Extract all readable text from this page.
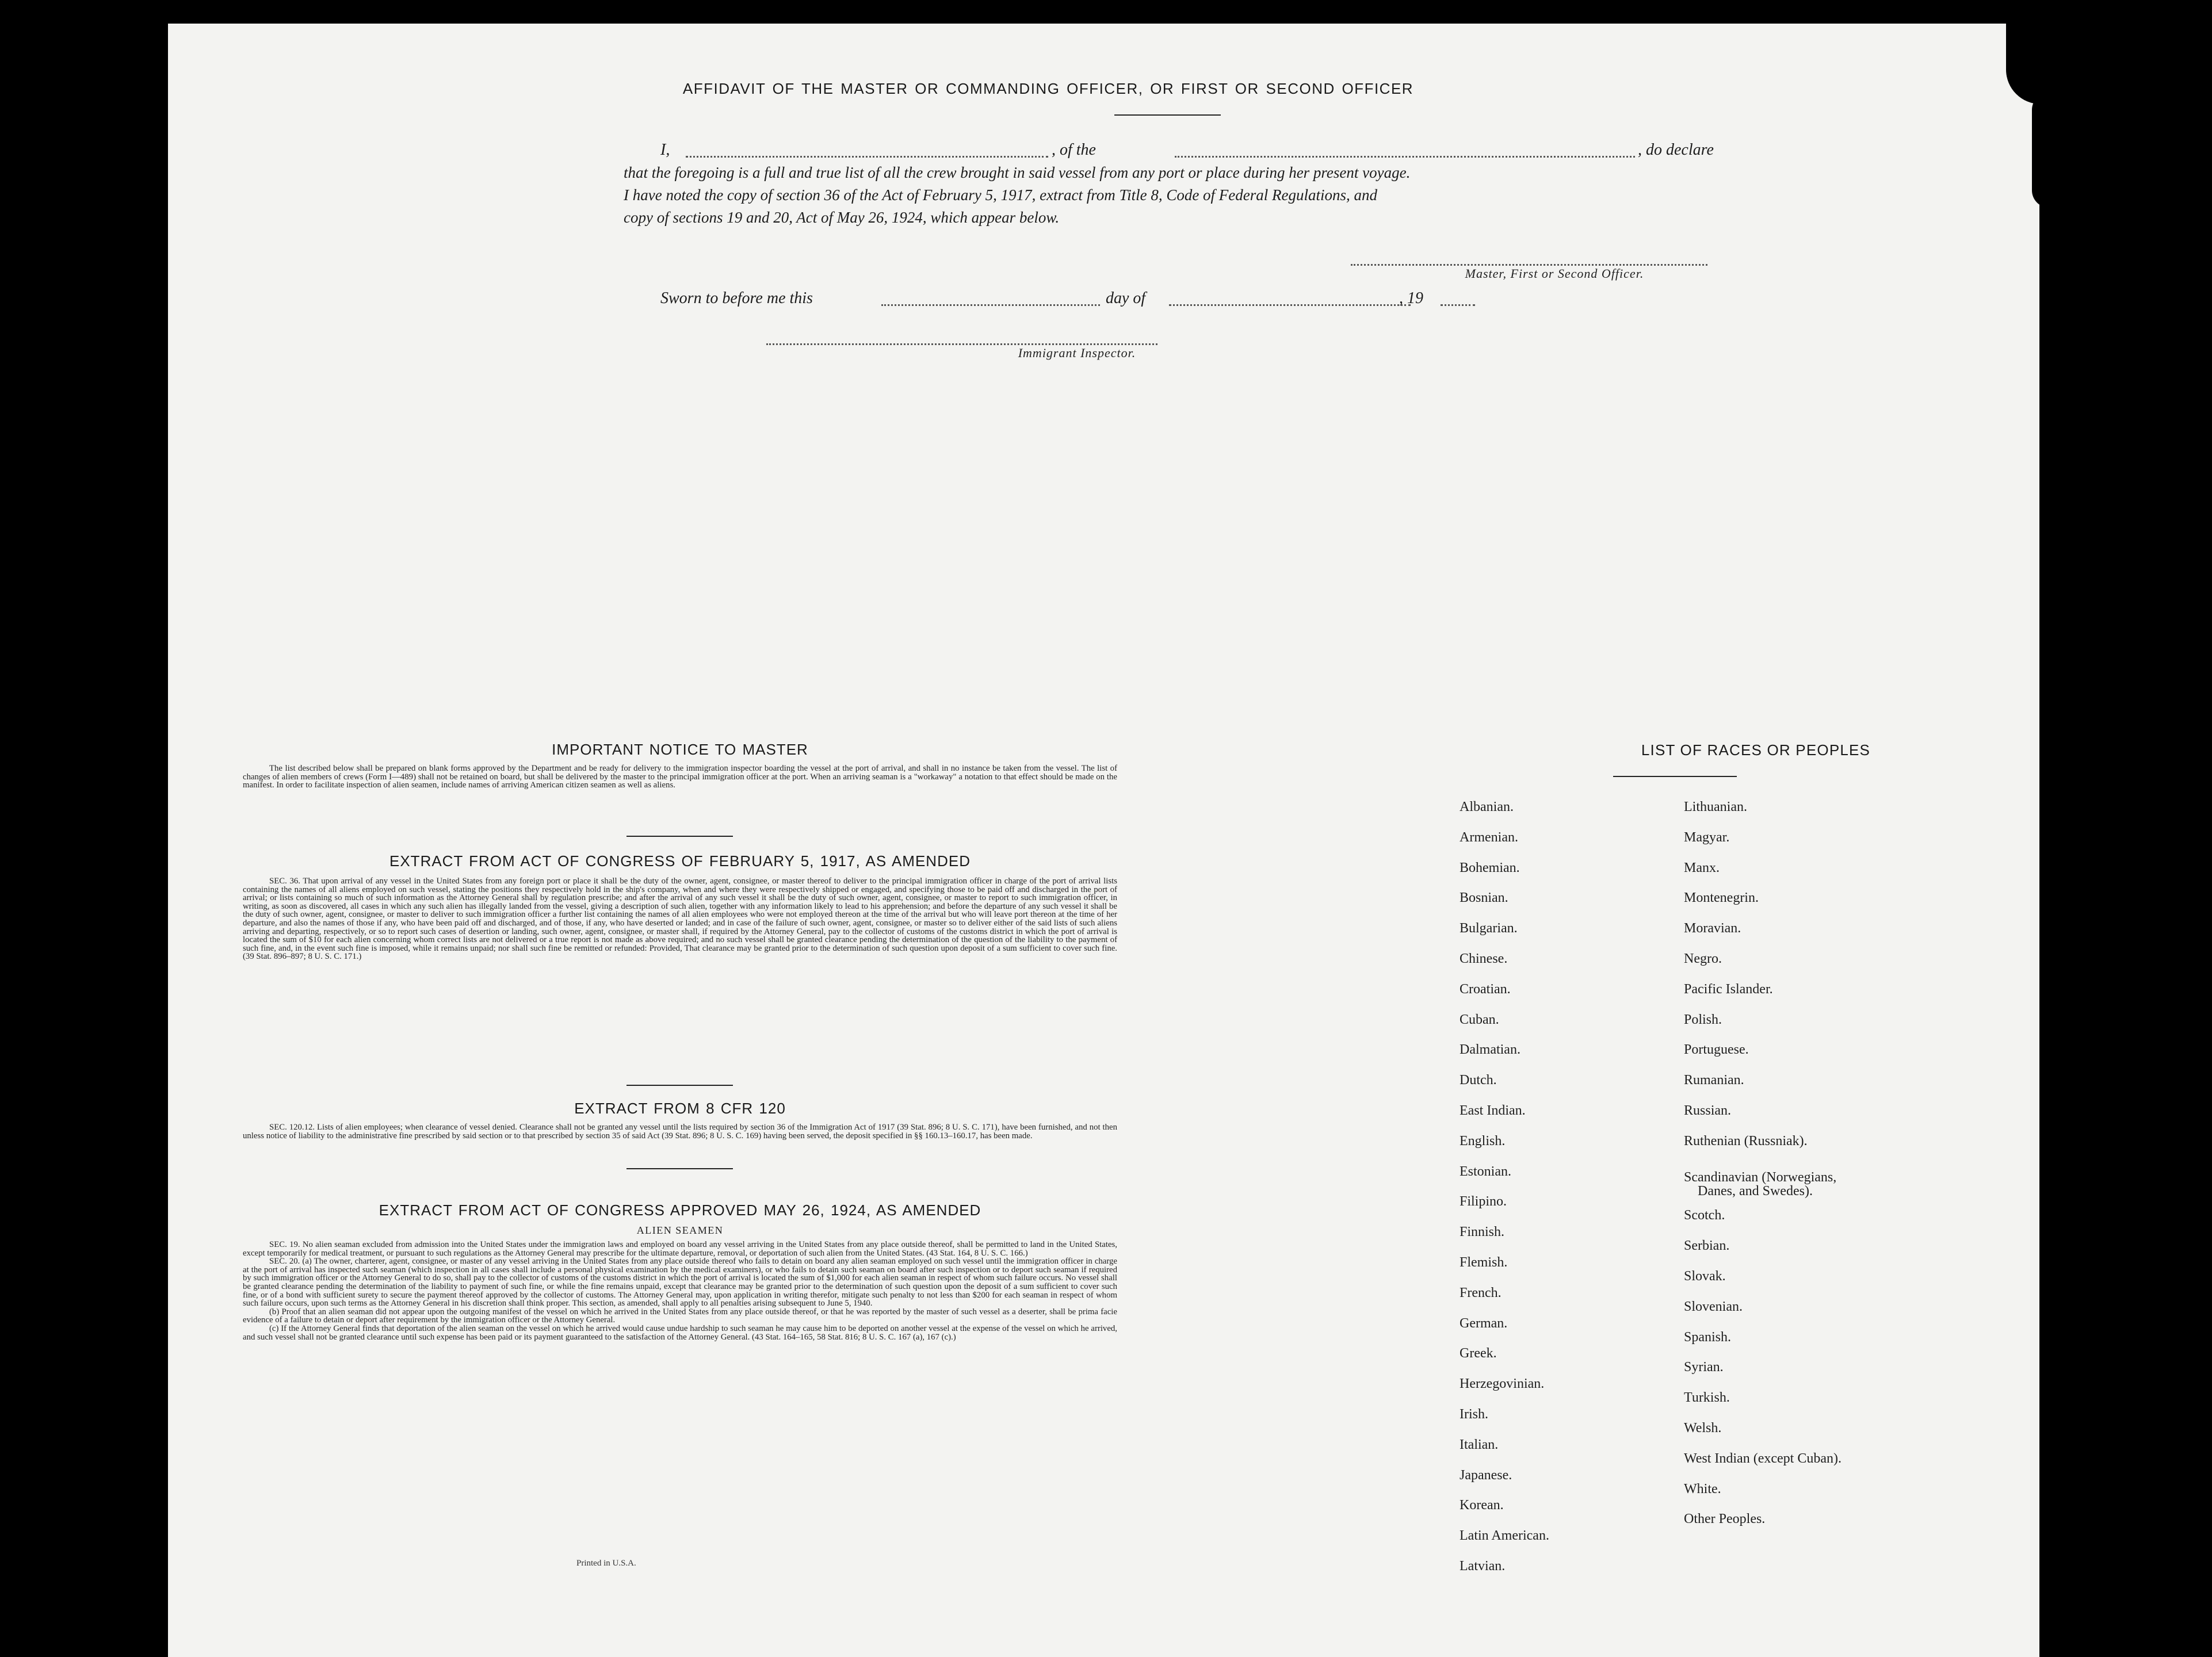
AFFIDAVIT OF THE MASTER OR COMMANDING OFFICER, OR FIRST OR SECOND OFFICER
I,	, of the	, do declare
that the foregoing is a full and true list of all the crew brought in said vessel from any port or place during her present voyage.
I have noted the copy of section 36 of the Act of February 5, 1917, extract from Title 8, Code of Federal Regulations, and
copy of sections 19 and 20, Act of May 26, 1924, which appear below.
Master, First or Second Officer.
Sworn to before me this	day of	, 19
Immigrant Inspector.
IMPORTANT NOTICE TO MASTER

The list described below shall be prepared on blank forms approved by the Department and be ready for delivery to the immigration inspector boarding the vessel at the port of arrival, and shall in no instance be taken from the vessel. The list of changes of alien members of crews (Form I—489) shall not be retained on board, but shall be delivered by the master to the principal immigration officer at the port. When an arriving seaman is a "workaway" a notation to that effect should be made on the manifest. In order to facilitate inspection of alien seamen, include names of arriving American citizen seamen as well as aliens.

EXTRACT FROM ACT OF CONGRESS OF FEBRUARY 5, 1917, AS AMENDED

SEC. 36. That upon arrival of any vessel in the United States from any foreign port or place it shall be the duty of the owner, agent, consignee, or master thereof to deliver to the principal immigration officer in charge of the port of arrival lists containing the names of all aliens employed on such vessel, stating the positions they respectively hold in the ship's company, when and where they were respectively shipped or engaged, and specifying those to be paid off and discharged in the port of arrival; or lists containing so much of such information as the Attorney General shall by regulation prescribe; and after the arrival of any such vessel it shall be the duty of such owner, agent, consignee, or master to report to such immigration officer, in writing, as soon as discovered, all cases in which any such alien has illegally landed from the vessel, giving a description of such alien, together with any information likely to lead to his apprehension; and before the departure of any such vessel it shall be the duty of such owner, agent, consignee, or master to deliver to such immigration officer a further list containing the names of all alien employees who were not employed thereon at the time of the arrival but who will leave port thereon at the time of her departure, and also the names of those if any, who have been paid off and discharged, and of those, if any, who have deserted or landed; and in case of the failure of such owner, agent, consignee, or master so to deliver either of the said lists of such aliens arriving and departing, respectively, or so to report such cases of desertion or landing, such owner, agent, consignee, or master shall, if required by the Attorney General, pay to the collector of customs of the customs district in which the port of arrival is located the sum of $10 for each alien concerning whom correct lists are not delivered or a true report is not made as above required; and no such vessel shall be granted clearance pending the determination of the question of the liability to the payment of such fine, and, in the event such fine is imposed, while it remains unpaid; nor shall such fine be remitted or refunded: Provided, That clearance may be granted prior to the determination of such question upon deposit of a sum sufficient to cover such fine. (39 Stat. 896–897; 8 U. S. C. 171.)

EXTRACT FROM 8 CFR 120

SEC. 120.12. Lists of alien employees; when clearance of vessel denied. Clearance shall not be granted any vessel until the lists required by section 36 of the Immigration Act of 1917 (39 Stat. 896; 8 U. S. C. 171), have been furnished, and not then unless notice of liability to the administrative fine prescribed by said section or to that prescribed by section 35 of said Act (39 Stat. 896; 8 U. S. C. 169) having been served, the deposit specified in §§ 160.13–160.17, has been made.

EXTRACT FROM ACT OF CONGRESS APPROVED MAY 26, 1924, AS AMENDED
ALIEN SEAMEN

SEC. 19. No alien seaman excluded from admission into the United States under the immigration laws and employed on board any vessel arriving in the United States from any place outside thereof, shall be permitted to land in the United States, except temporarily for medical treatment, or pursuant to such regulations as the Attorney General may prescribe for the ultimate departure, removal, or deportation of such alien from the United States. (43 Stat. 164, 8 U. S. C. 166.)

SEC. 20. (a) The owner, charterer, agent, consignee, or master of any vessel arriving in the United States from any place outside thereof who fails to detain on board any alien seaman employed on such vessel until the immigration officer in charge at the port of arrival has inspected such seaman (which inspection in all cases shall include a personal physical examination by the medical examiners), or who fails to detain such seaman on board after such inspection or to deport such seaman if required by such immigration officer or the Attorney General to do so, shall pay to the collector of customs of the customs district in which the port of arrival is located the sum of $1,000 for each alien seaman in respect of whom such failure occurs. No vessel shall be granted clearance pending the determination of the liability to payment of such fine, or while the fine remains unpaid, except that clearance may be granted prior to the determination of such question upon the deposit of a sum sufficient to cover such fine, or of a bond with sufficient surety to secure the payment thereof approved by the collector of customs. The Attorney General may, upon application in writing therefor, mitigate such penalty to not less than $200 for each seaman in respect of whom such failure occurs, upon such terms as the Attorney General in his discretion shall think proper. This section, as amended, shall apply to all penalties arising subsequent to June 5, 1940.

(b) Proof that an alien seaman did not appear upon the outgoing manifest of the vessel on which he arrived in the United States from any place outside thereof, or that he was reported by the master of such vessel as a deserter, shall be prima facie evidence of a failure to detain or deport after requirement by the immigration officer or the Attorney General.

(c) If the Attorney General finds that deportation of the alien seaman on the vessel on which he arrived would cause undue hardship to such seaman he may cause him to be deported on another vessel at the expense of the vessel on which he arrived, and such vessel shall not be granted clearance until such expense has been paid or its payment guaranteed to the satisfaction of the Attorney General. (43 Stat. 164–165, 58 Stat. 816; 8 U. S. C. 167 (a), 167 (c).)

Printed in U.S.A.
LIST OF RACES OR PEOPLES
Albanian.
Armenian.
Bohemian.
Bosnian.
Bulgarian.
Chinese.
Croatian.
Cuban.
Dalmatian.
Dutch.
East Indian.
English.
Estonian.
Filipino.
Finnish.
Flemish.
French.
German.
Greek.
Herzegovinian.
Irish.
Italian.
Japanese.
Korean.
Latin American.
Latvian.
Lithuanian.
Magyar.
Manx.
Montenegrin.
Moravian.
Negro.
Pacific Islander.
Polish.
Portuguese.
Rumanian.
Russian.
Ruthenian (Russniak).
Scandinavian (Norwegians,
Danes, and Swedes).
Scotch.
Serbian.
Slovak.
Slovenian.
Spanish.
Syrian.
Turkish.
Welsh.
West Indian (except Cuban).
White.
Other Peoples.
